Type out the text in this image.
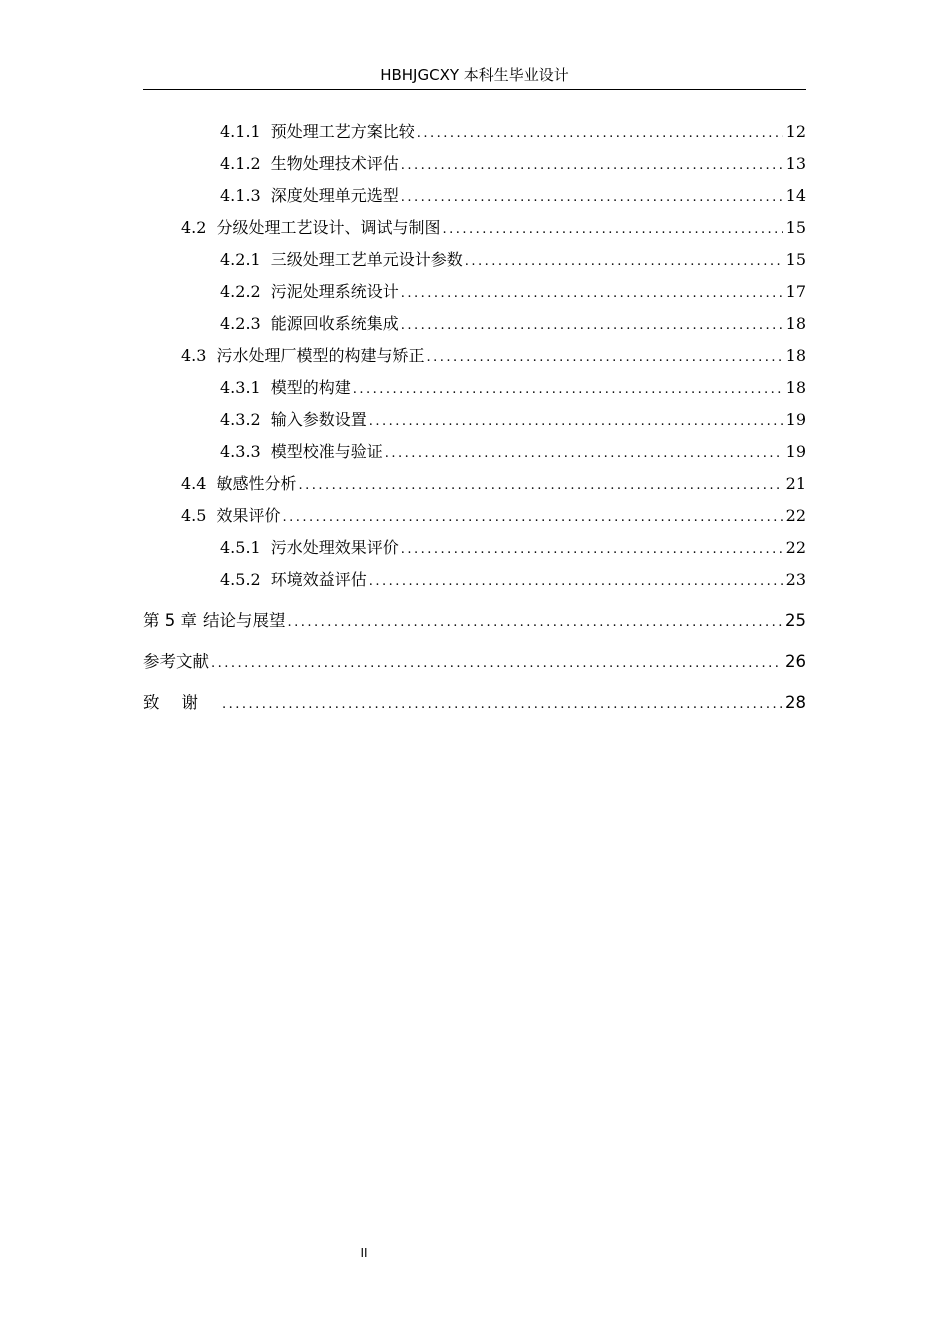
HBHJGCXY 本科生毕业设计
4.1.1 预处理工艺方案比较 .....	12
4.1.2 生物处理技术评估 .....	13
4.1.3 深度处理单元选型 .....	14
4.2 分级处理工艺设计、调试与制图 .....	15
4.2.1 三级处理工艺单元设计参数 .....	15
4.2.2 污泥处理系统设计 .....	17
4.2.3 能源回收系统集成 .....	18
4.3 污水处理厂模型的构建与矫正 .....	18
4.3.1 模型的构建 .....	18
4.3.2 输入参数设置 .....	19
4.3.3 模型校准与验证 .....	19
4.4 敏感性分析 .....	21
4.5 效果评价 .....	22
4.5.1 污水处理效果评价 .....	22
4.5.2 环境效益评估 .....	23
第 5 章 结论与展望 .....	25
参考文献 .....	26
致谢 .....	28
II
